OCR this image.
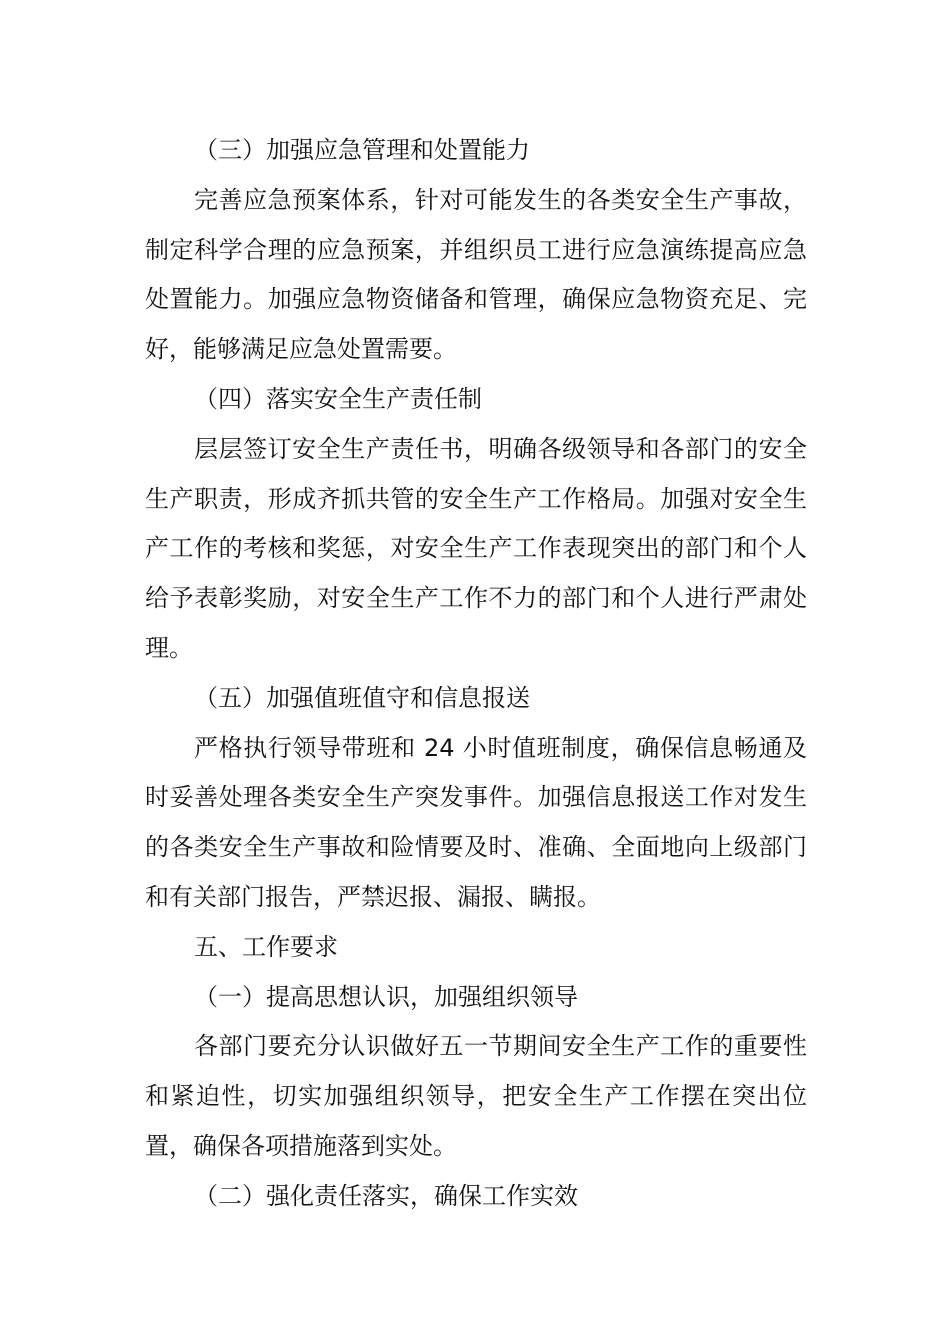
（三）加强应急管理和处置能力

完善应急预案体系，针对可能发生的各类安全生产事故，制定科学合理的应急预案，并组织员工进行应急演练提高应急处置能力。加强应急物资储备和管理，确保应急物资充足、完好，能够满足应急处置需要。

（四）落实安全生产责任制

层层签订安全生产责任书，明确各级领导和各部门的安全生产职责，形成齐抓共管的安全生产工作格局。加强对安全生产工作的考核和奖惩，对安全生产工作表现突出的部门和个人给予表彰奖励，对安全生产工作不力的部门和个人进行严肃处理。

（五）加强值班值守和信息报送

严格执行领导带班和 24 小时值班制度，确保信息畅通及时妥善处理各类安全生产突发事件。加强信息报送工作对发生的各类安全生产事故和险情要及时、准确、全面地向上级部门和有关部门报告，严禁迟报、漏报、瞒报。

五、工作要求

（一）提高思想认识，加强组织领导

各部门要充分认识做好五一节期间安全生产工作的重要性和紧迫性，切实加强组织领导，把安全生产工作摆在突出位置，确保各项措施落到实处。

（二）强化责任落实，确保工作实效
